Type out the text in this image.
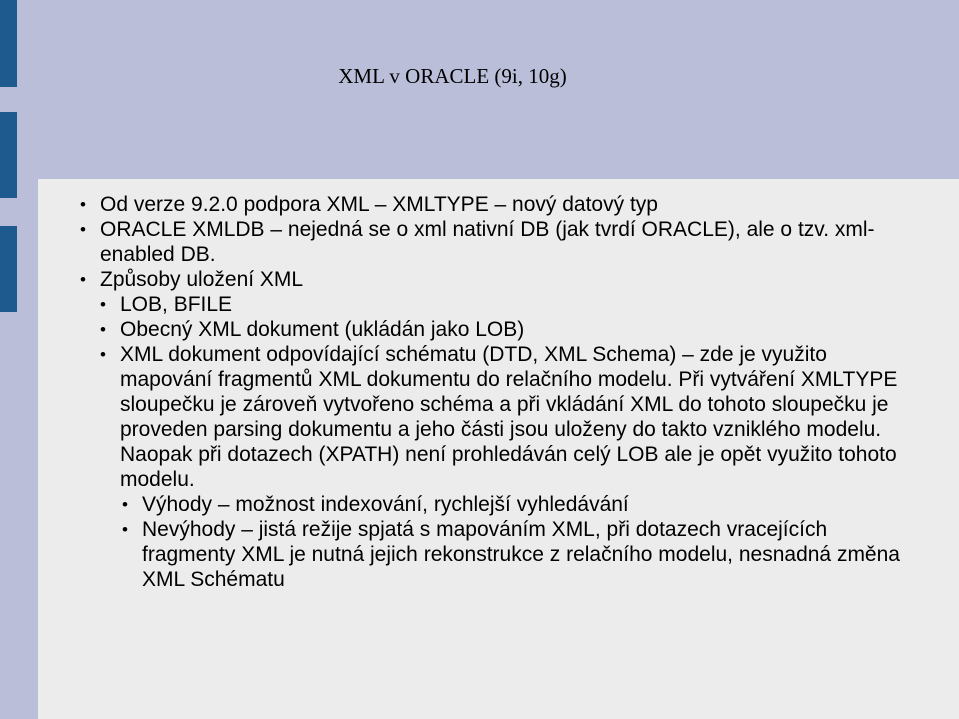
XML v ORACLE (9i, 10g)
• Od verze 9.2.0 podpora XML – XMLTYPE – nový datový typ
• ORACLE XMLDB – nejedná se o xml nativní DB (jak tvrdí ORACLE), ale o tzv. xml-enabled DB.
• Způsoby uložení XML
• LOB, BFILE
• Obecný XML dokument (ukládán jako LOB)
• XML dokument odpovídající schématu (DTD, XML Schema) – zde je využito mapování fragmentů XML dokumentu do relačního modelu. Při vytváření XMLTYPE sloupečku je zároveň vytvořeno schéma a při vkládání XML do tohoto sloupečku je proveden parsing dokumentu a jeho části jsou uloženy do takto vzniklého modelu. Naopak při dotazech (XPATH) není prohledáván celý LOB ale je opět využito tohoto modelu.
• Výhody – možnost indexování, rychlejší vyhledávání
• Nevýhody – jistá režije spjatá s mapováním XML, při dotazech vracejících fragmenty XML je nutná jejich rekonstrukce z relačního modelu, nesnadná změna XML Schématu
